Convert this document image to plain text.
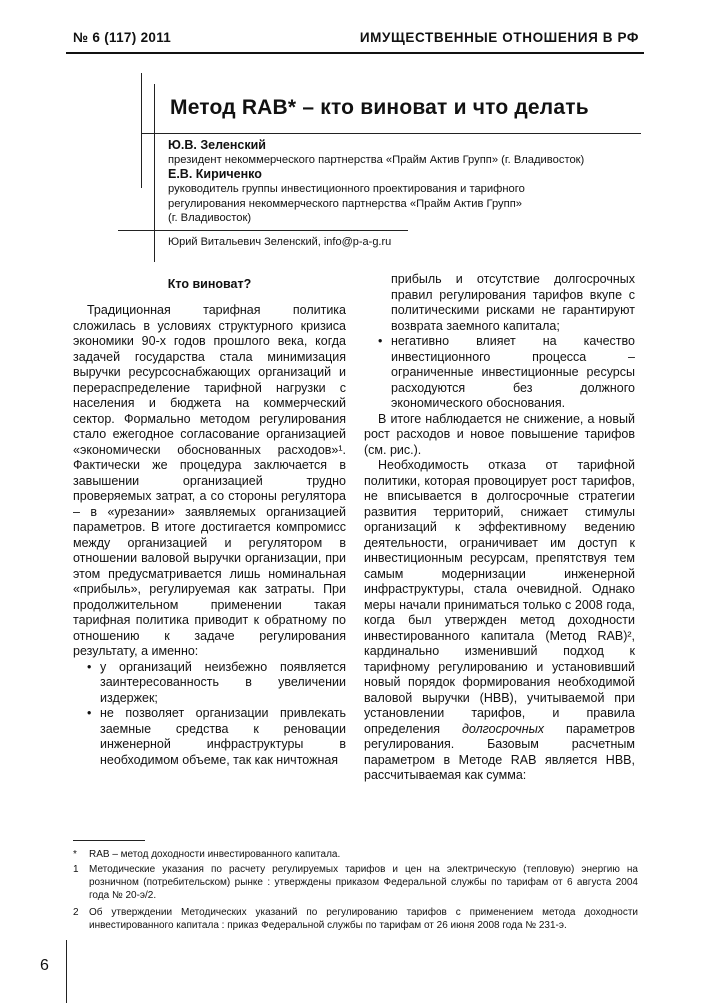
№ 6 (117) 2011	ИМУЩЕСТВЕННЫЕ ОТНОШЕНИЯ В РФ
Метод RAB* – кто виноват и что делать
Ю.В. Зеленский
президент некоммерческого партнерства «Прайм Актив Групп» (г. Владивосток)
Е.В. Кириченко
руководитель группы инвестиционного проектирования и тарифного
регулирования некоммерческого партнерства «Прайм Актив Групп»
(г. Владивосток)
Юрий Витальевич Зеленский, info@p-a-g.ru
Кто виноват?

Традиционная тарифная политика сложилась в условиях структурного кризиса экономики 90-х годов прошлого века, когда задачей государства стала минимизация выручки ресурсоснабжающих организаций и перераспределение тарифной нагрузки с населения и бюджета на коммерческий сектор. Формально методом регулирования стало ежегодное согласование организацией «экономически обоснованных расходов»¹. Фактически же процедура заключается в завышении организацией трудно проверяемых затрат, а со стороны регулятора – в «урезании» заявляемых организацией параметров. В итоге достигается компромисс между организацией и регулятором в отношении валовой выручки организации, при этом предусматривается лишь номинальная «прибыль», регулируемая как затраты. При продолжительном применении такая тарифная политика приводит к обратному по отношению к задаче регулирования результату, а именно:

• у организаций неизбежно появляется заинтересованность в увеличении издержек;
• не позволяет организации привлекать заемные средства к реновации инженерной инфраструктуры в необходимом объеме, так как ничтожная
прибыль и отсутствие долгосрочных правил регулирования тарифов вкупе с политическими рисками не гарантируют возврата заемного капитала;
• негативно влияет на качество инвестиционного процесса – ограниченные инвестиционные ресурсы расходуются без должного экономического обоснования.

В итоге наблюдается не снижение, а новый рост расходов и новое повышение тарифов (см. рис.).

Необходимость отказа от тарифной политики, которая провоцирует рост тарифов, не вписывается в долгосрочные стратегии развития территорий, снижает стимулы организаций к эффективному ведению деятельности, ограничивает им доступ к инвестиционным ресурсам, препятствуя тем самым модернизации инженерной инфраструктуры, стала очевидной. Однако меры начали приниматься только с 2008 года, когда был утвержден метод доходности инвестированного капитала (Метод RAB)², кардинально изменивший подход к тарифному регулированию и установивший новый порядок формирования необходимой валовой выручки (НВВ), учитываемой при установлении тарифов, и правила определения долгосрочных параметров регулирования. Базовым расчетным параметром в Методе RAB является НВВ, рассчитываемая как сумма:

* RAB – метод доходности инвестированного капитала.
1 Методические указания по расчету регулируемых тарифов и цен на электрическую (тепловую) энергию на розничном (потребительском) рынке : утверждены приказом Федеральной службы по тарифам от 6 августа 2004 года № 20-э/2.
2 Об утверждении Методических указаний по регулированию тарифов с применением метода доходности инвестированного капитала : приказ Федеральной службы по тарифам от 26 июня 2008 года № 231-э.
6
